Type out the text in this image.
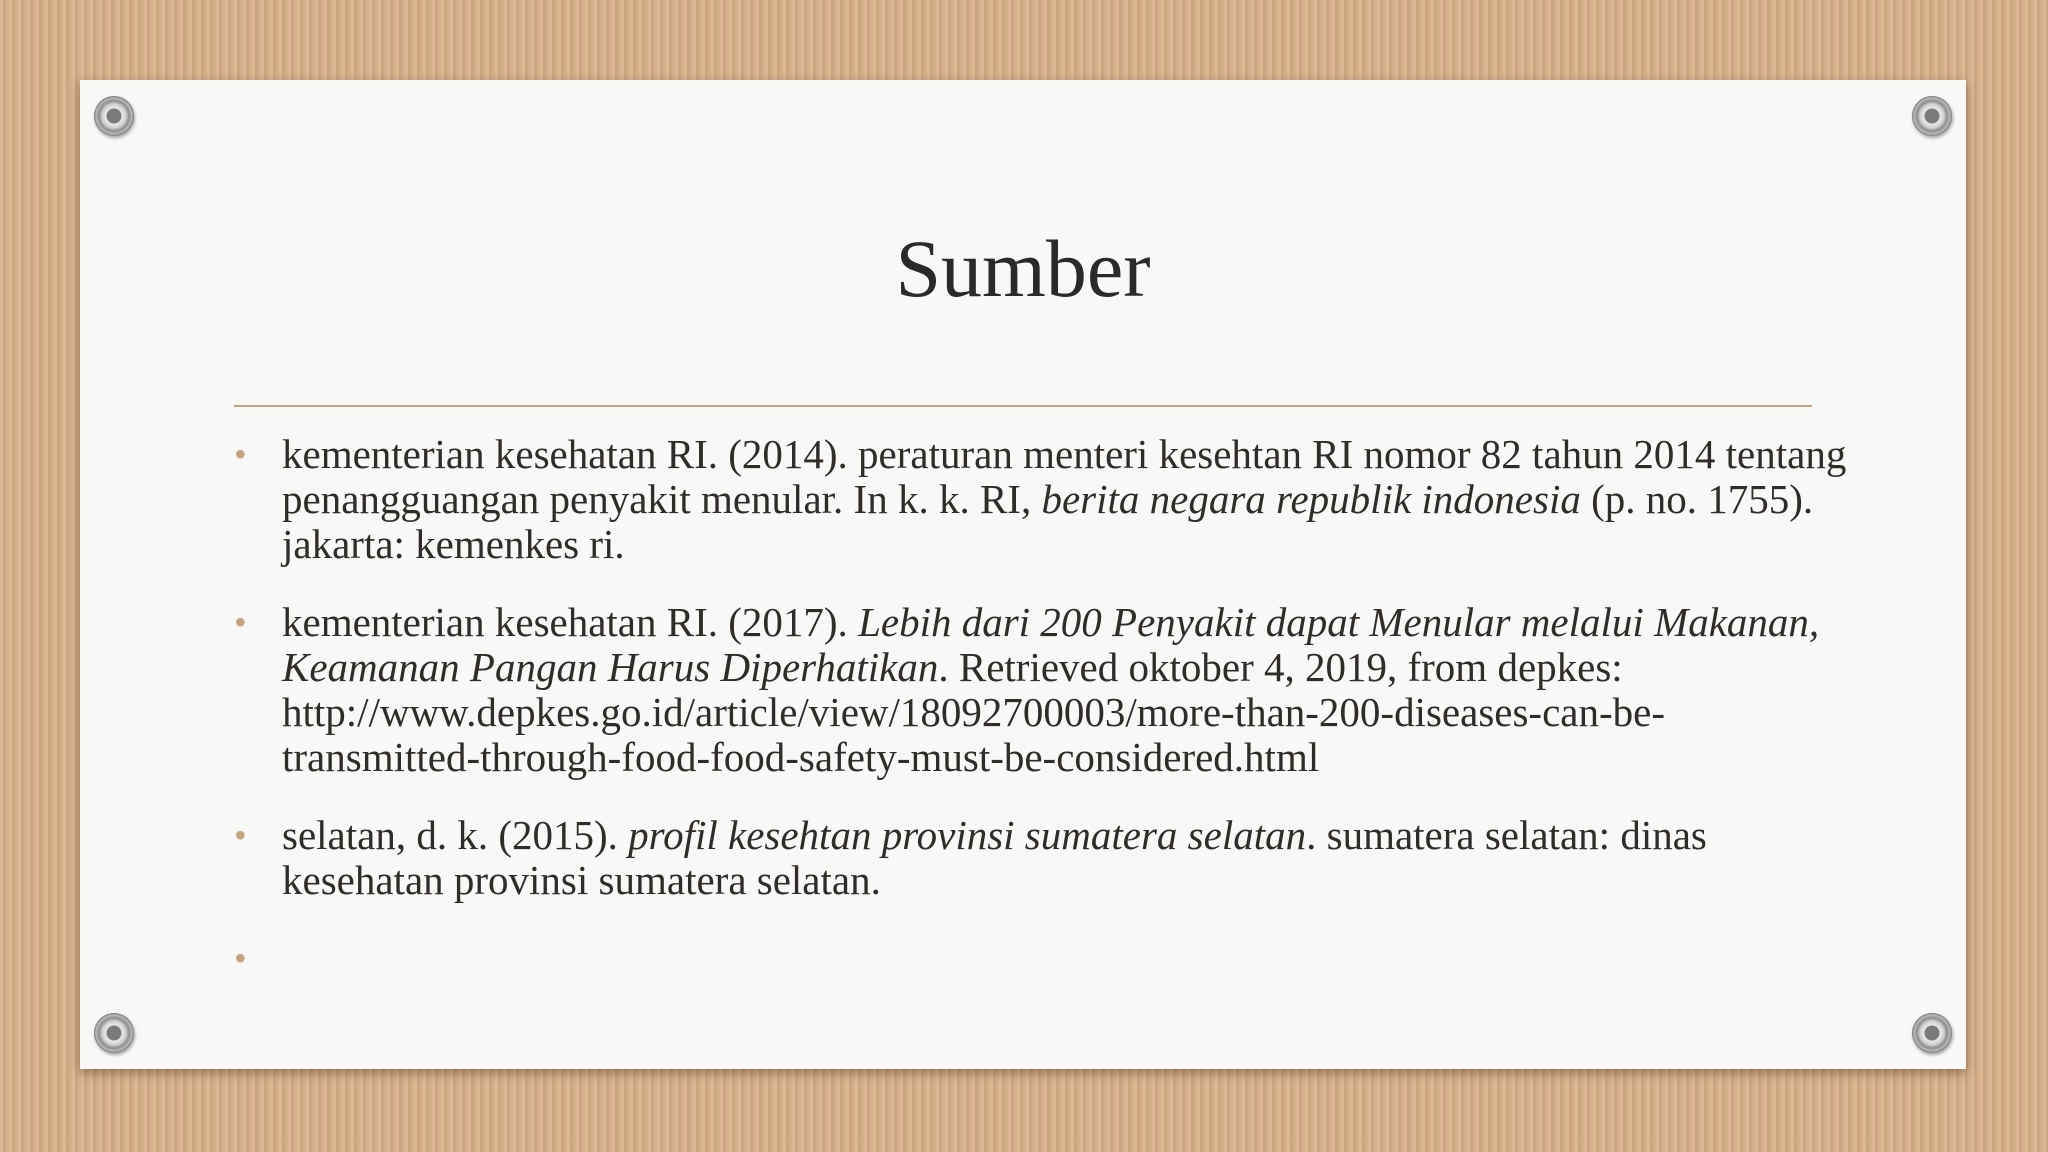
Sumber
• kementerian kesehatan RI. (2014). peraturan menteri kesehtan RI nomor 82 tahun 2014 tentang penangguangan penyakit menular. In k. k. RI, berita negara republik indonesia (p. no. 1755). jakarta: kemenkes ri.
• kementerian kesehatan RI. (2017). Lebih dari 200 Penyakit dapat Menular melalui Makanan, Keamanan Pangan Harus Diperhatikan. Retrieved oktober 4, 2019, from depkes: http://www.depkes.go.id/article/view/18092700003/more-than-200-diseases-can-be-transmitted-through-food-food-safety-must-be-considered.html
• selatan, d. k. (2015). profil kesehtan provinsi sumatera selatan. sumatera selatan: dinas kesehatan provinsi sumatera selatan.
•
